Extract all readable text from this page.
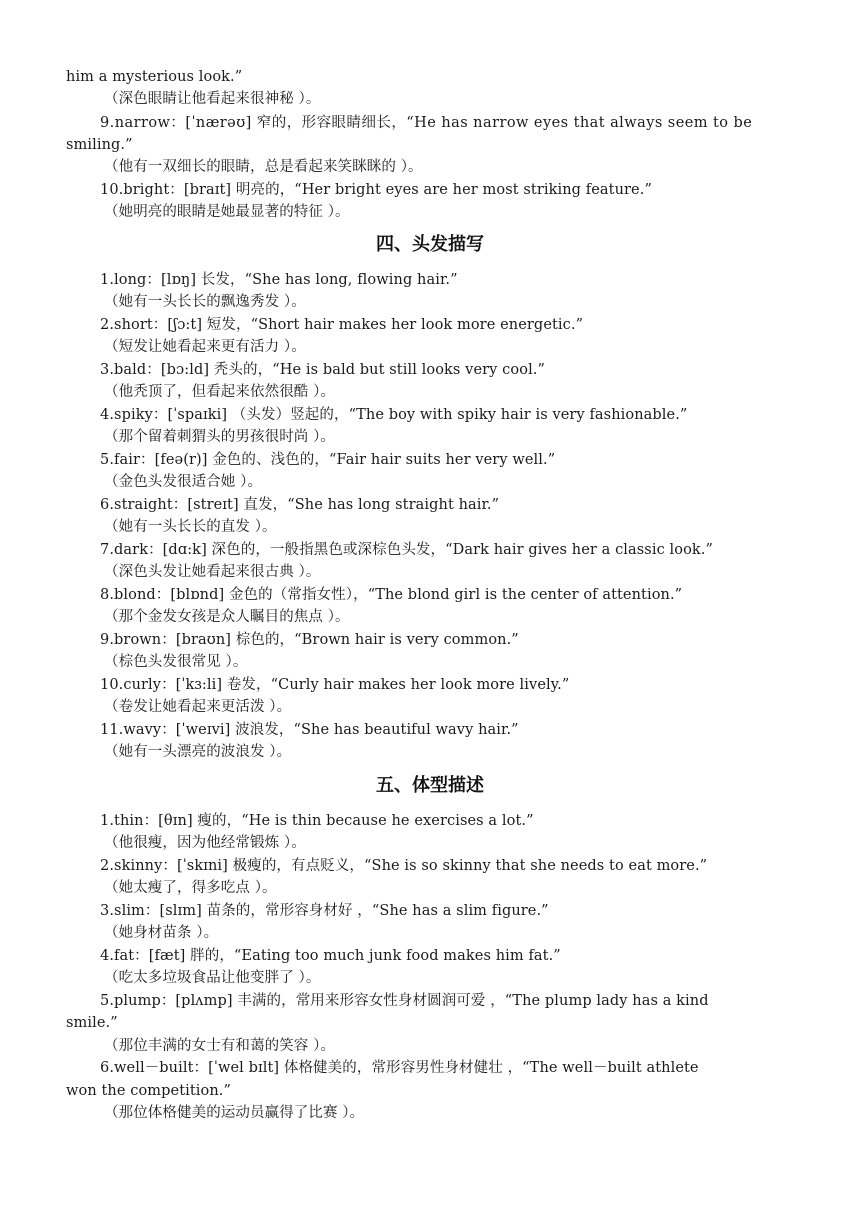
him a mysterious look.”
（深色眼睛让他看起来很神秘 ）。
9.narrow：[ˈnærəʊ] 窄的，形容眼睛细长，“He has narrow eyes that always seem to be
smiling.”
（他有一双细长的眼睛，总是看起来笑眯眯的 ）。
10.bright：[braɪt] 明亮的，“Her bright eyes are her most striking feature.”
（她明亮的眼睛是她最显著的特征 ）。
四、头发描写
1.long：[lɒŋ] 长发，“She has long, flowing hair.”
（她有一头长长的飘逸秀发 ）。
2.short：[ʃɔ:t] 短发，“Short hair makes her look more energetic.”
（短发让她看起来更有活力 ）。
3.bald：[bɔ:ld] 秃头的，“He is bald but still looks very cool.”
（他秃顶了，但看起来依然很酷 ）。
4.spiky：[ˈspaɪki] （头发）竖起的，“The boy with spiky hair is very fashionable.”
（那个留着刺猬头的男孩很时尚 ）。
5.fair：[feə(r)] 金色的、浅色的，“Fair hair suits her very well.”
（金色头发很适合她 ）。
6.straight：[streɪt] 直发，“She has long straight hair.”
（她有一头长长的直发 ）。
7.dark：[dɑ:k] 深色的，一般指黑色或深棕色头发，“Dark hair gives her a classic look.”
（深色头发让她看起来很古典 ）。
8.blond：[blɒnd] 金色的（常指女性），“The blond girl is the center of attention.”
（那个金发女孩是众人瞩目的焦点 ）。
9.brown：[braʊn] 棕色的，“Brown hair is very common.”
（棕色头发很常见 ）。
10.curly：[ˈkɜ:li] 卷发，“Curly hair makes her look more lively.”
（卷发让她看起来更活泼 ）。
11.wavy：[ˈweɪvi] 波浪发，“She has beautiful wavy hair.”
（她有一头漂亮的波浪发 ）。
五、体型描述
1.thin：[θɪn] 瘦的，“He is thin because he exercises a lot.”
（他很瘦，因为他经常锻炼 ）。
2.skinny：[ˈskɪni] 极瘦的，有点贬义，“She is so skinny that she needs to eat more.”
（她太瘦了，得多吃点 ）。
3.slim：[slɪm] 苗条的，常形容身材好 ，“She has a slim figure.”
（她身材苗条 ）。
4.fat：[fæt] 胖的，“Eating too much junk food makes him fat.”
（吃太多垃圾食品让他变胖了 ）。
5.plump：[plʌmp] 丰满的，常用来形容女性身材圆润可爱 ，“The plump lady has a kind
smile.”
（那位丰满的女士有和蔼的笑容 ）。
6.well－built：[ˈwel bɪlt] 体格健美的，常形容男性身材健壮 ，“The well－built athlete
won the competition.”
（那位体格健美的运动员赢得了比赛 ）。
